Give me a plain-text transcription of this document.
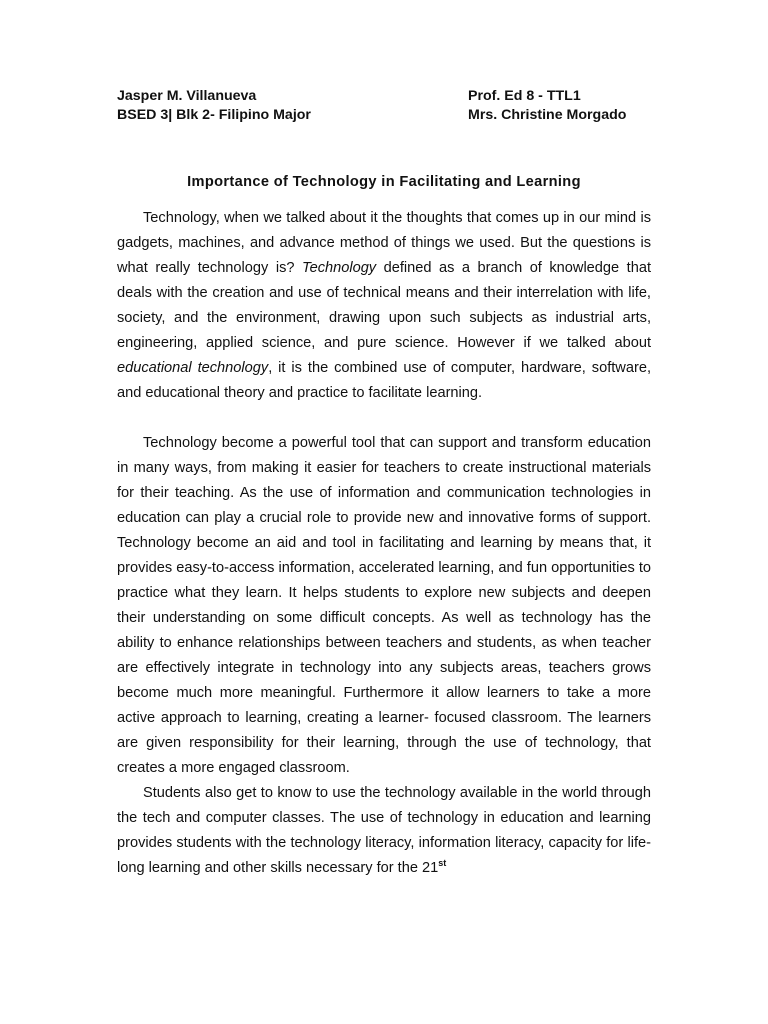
Jasper M. Villanueva
BSED 3| Blk 2- Filipino Major
Prof. Ed 8 - TTL1
Mrs. Christine Morgado
Importance of Technology in Facilitating and Learning

Technology, when we talked about it the thoughts that comes up in our mind is gadgets, machines, and advance method of things we used. But the questions is what really technology is? Technology defined as a branch of knowledge that deals with the creation and use of technical means and their interrelation with life, society, and the environment, drawing upon such subjects as industrial arts, engineering, applied science, and pure science. However if we talked about educational technology, it is the combined use of computer, hardware, software, and educational theory and practice to facilitate learning.

Technology become a powerful tool that can support and transform education in many ways, from making it easier for teachers to create instructional materials for their teaching. As the use of information and communication technologies in education can play a crucial role to provide new and innovative forms of support. Technology become an aid and tool in facilitating and learning by means that, it provides easy-to-access information, accelerated learning, and fun opportunities to practice what they learn. It helps students to explore new subjects and deepen their understanding on some difficult concepts. As well as technology has the ability to enhance relationships between teachers and students, as when teacher are effectively integrate in technology into any subjects areas, teachers grows become much more meaningful. Furthermore it allow learners to take a more active approach to learning, creating a learner- focused classroom. The learners are given responsibility for their learning, through the use of technology, that creates a more engaged classroom.

Students also get to know to use the technology available in the world through the tech and computer classes. The use of technology in education and learning provides students with the technology literacy, information literacy, capacity for life-long learning and other skills necessary for the 21st
